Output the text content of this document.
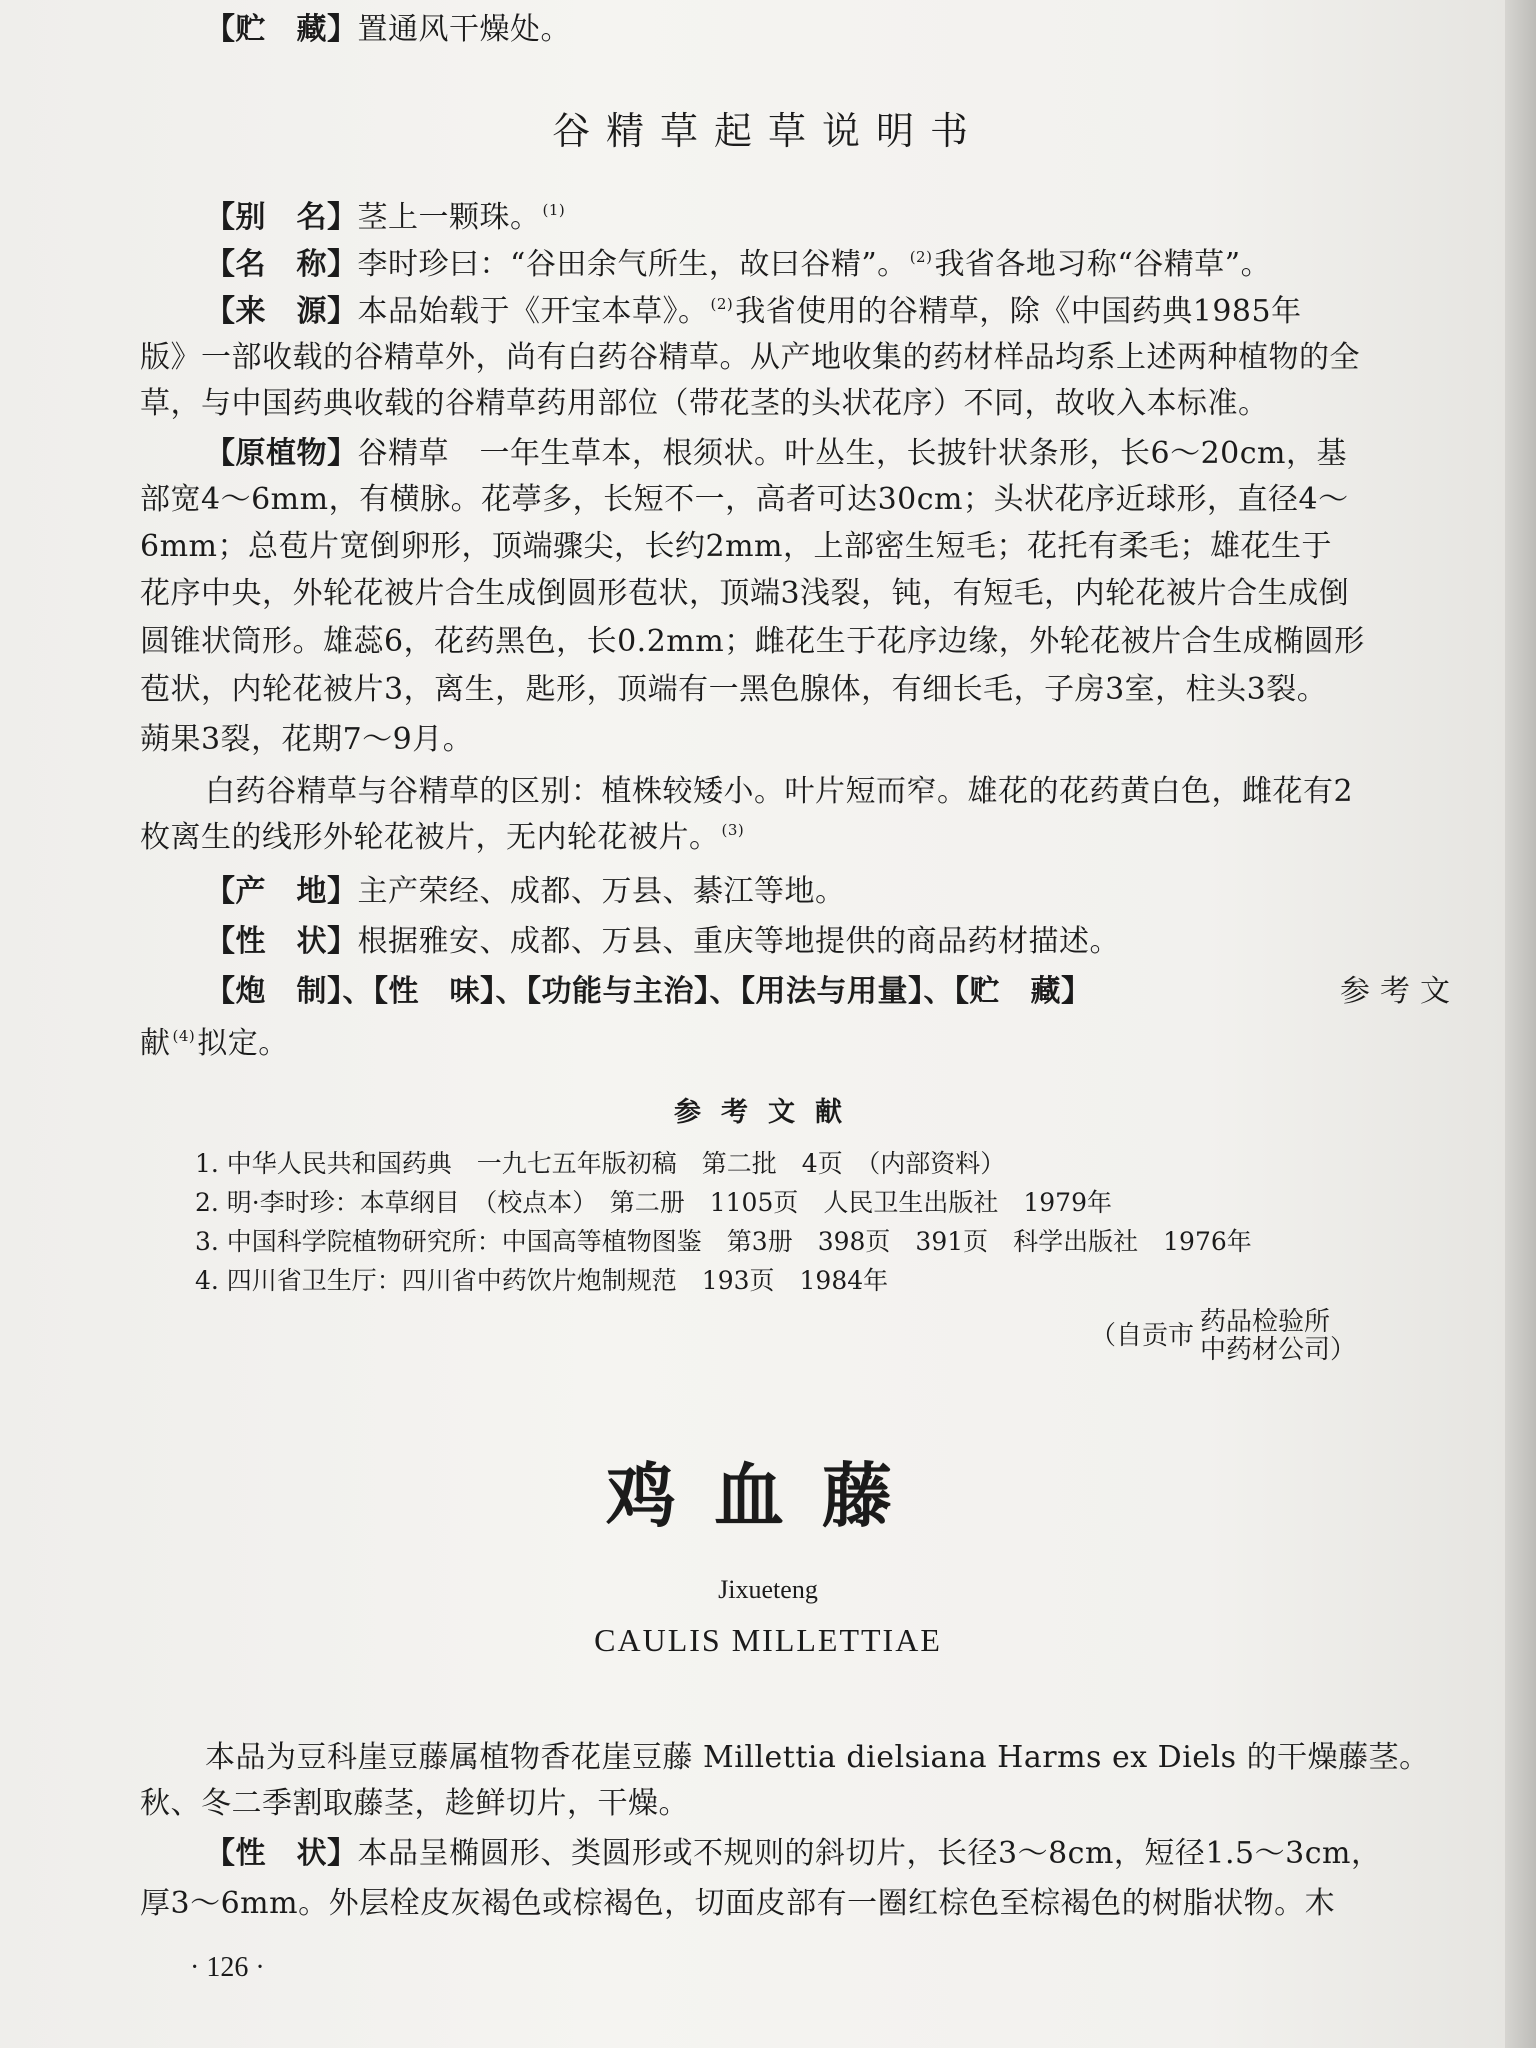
【贮　藏】置通风干燥处。
谷精草起草说明书
【别　名】茎上一颗珠。 $^{(1)}$
【名　称】李时珍曰：“谷田余气所生，故曰谷精”。 $^{(2)}$我省各地习称“谷精草”。
【来　源】本品始载于《开宝本草》。 $^{(2)}$我省使用的谷精草，除《中国药典1985年
版》一部收载的谷精草外，尚有白药谷精草。从产地收集的药材样品均系上述两种植物的全
草，与中国药典收载的谷精草药用部位（带花茎的头状花序）不同，故收入本标准。
【原植物】谷精草　一年生草本，根须状。叶丛生，长披针状条形，长6～20cm，基
部宽4～6mm，有横脉。花葶多，长短不一，高者可达30cm；头状花序近球形，直径4～
6mm；总苞片宽倒卵形，顶端骤尖，长约2mm，上部密生短毛；花托有柔毛；雄花生于
花序中央，外轮花被片合生成倒圆形苞状，顶端3浅裂，钝，有短毛，内轮花被片合生成倒
圆锥状筒形。雄蕊6，花药黑色，长0.2mm；雌花生于花序边缘，外轮花被片合生成椭圆形
苞状，内轮花被片3，离生，匙形，顶端有一黑色腺体，有细长毛，子房3室，柱头3裂。
蒴果3裂，花期7～9月。
白药谷精草与谷精草的区别：植株较矮小。叶片短而窄。雄花的花药黄白色，雌花有2
枚离生的线形外轮花被片，无内轮花被片。 $^{(3)}$
【产　地】主产荣经、成都、万县、綦江等地。
【性　状】根据雅安、成都、万县、重庆等地提供的商品药材描述。
【炮　制】、【性　味】、【功能与主治】、【用法与用量】、【贮　藏】	参考文
献 $^{(4)}$拟定。
参考文献
1. 中华人民共和国药典　一九七五年版初稿　第二批　4页　（内部资料）
2. 明·李时珍：本草纲目　（校点本）　第二册　1105页　人民卫生出版社　1979年
3. 中国科学院植物研究所：中国高等植物图鉴　第3册　398页　391页　科学出版社　1976年
4. 四川省卫生厅：四川省中药饮片炮制规范　193页　1984年
（自贡市 药品检验所
中药材公司）
鸡血藤
Jixueteng
CAULIS MILLETTIAE
本品为豆科崖豆藤属植物香花崖豆藤 Millettia dielsiana Harms ex Diels 的干燥藤茎。
秋、冬二季割取藤茎，趁鲜切片，干燥。
【性　状】本品呈椭圆形、类圆形或不规则的斜切片，长径3～8cm，短径1.5～3cm，
厚3～6mm。外层栓皮灰褐色或棕褐色，切面皮部有一圈红棕色至棕褐色的树脂状物。木
· 126 ·
